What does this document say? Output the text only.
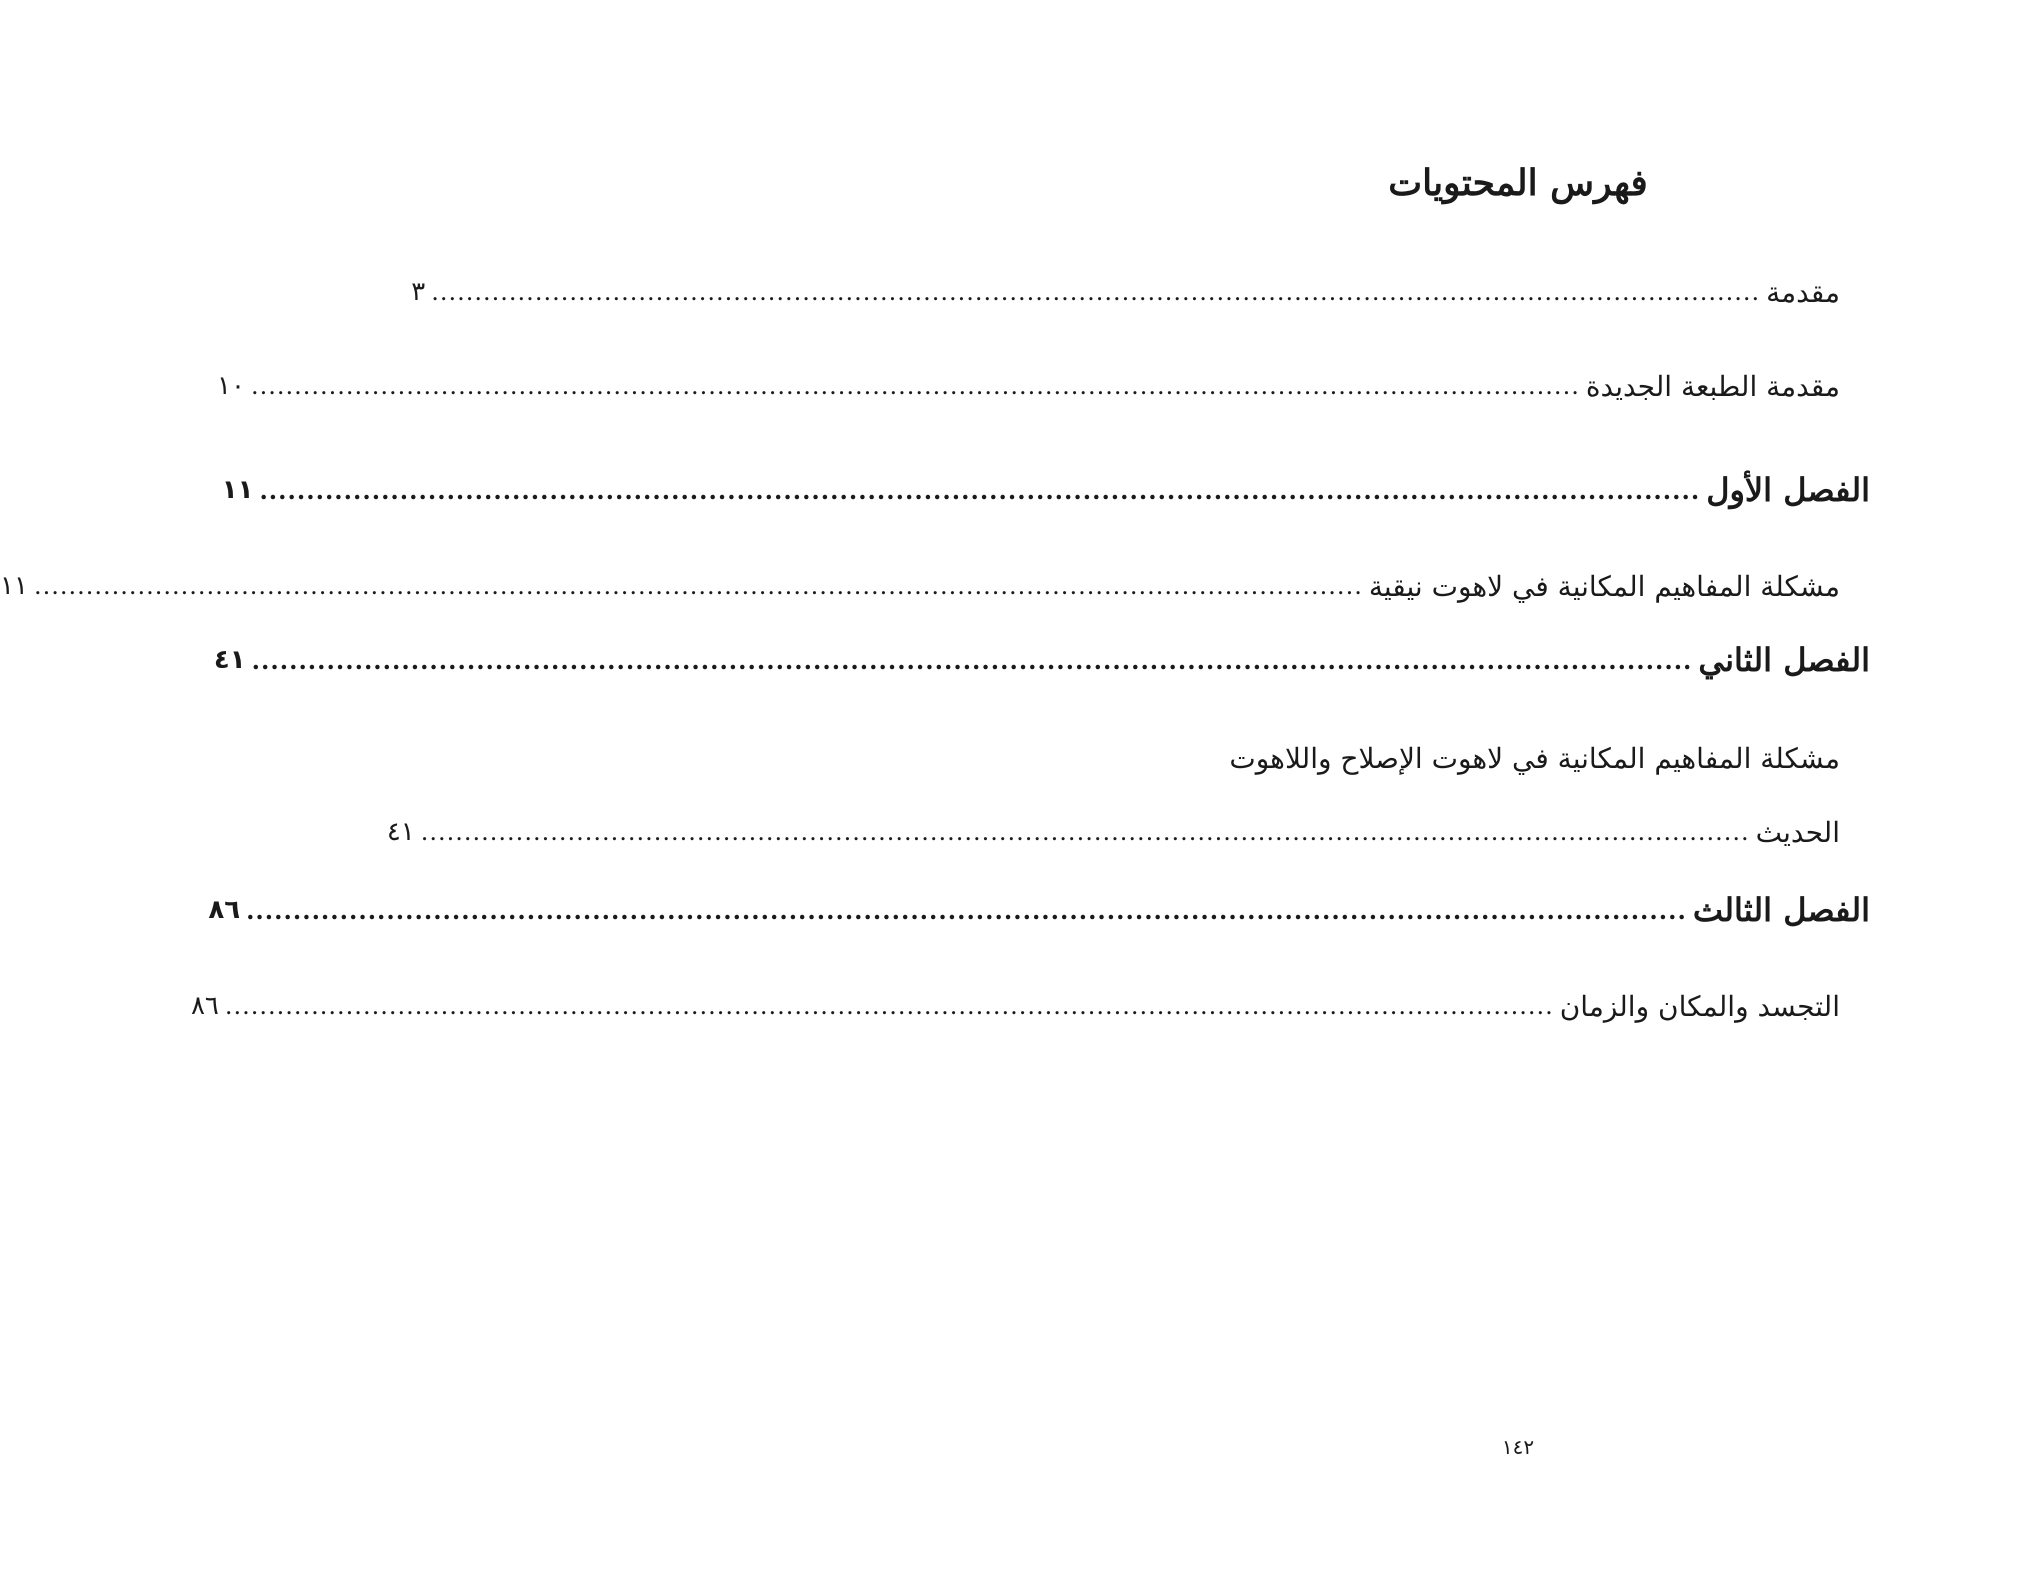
فهرس المحتويات
مقدمة
..........................................................................................................................................................
٣
مقدمة الطبعة الجديدة
..........................................................................................................................................................
١٠
الفصل الأول
..........................................................................................................................................................
١١
مشكلة المفاهيم المكانية في لاهوت نيقية
..........................................................................................................................................................
١١
الفصل الثاني
..........................................................................................................................................................
٤١
مشكلة المفاهيم المكانية في لاهوت الإصلاح واللاهوت
الحديث
..........................................................................................................................................................
٤١
الفصل الثالث
..........................................................................................................................................................
٨٦
التجسد والمكان والزمان
..........................................................................................................................................................
٨٦
١٤٢
